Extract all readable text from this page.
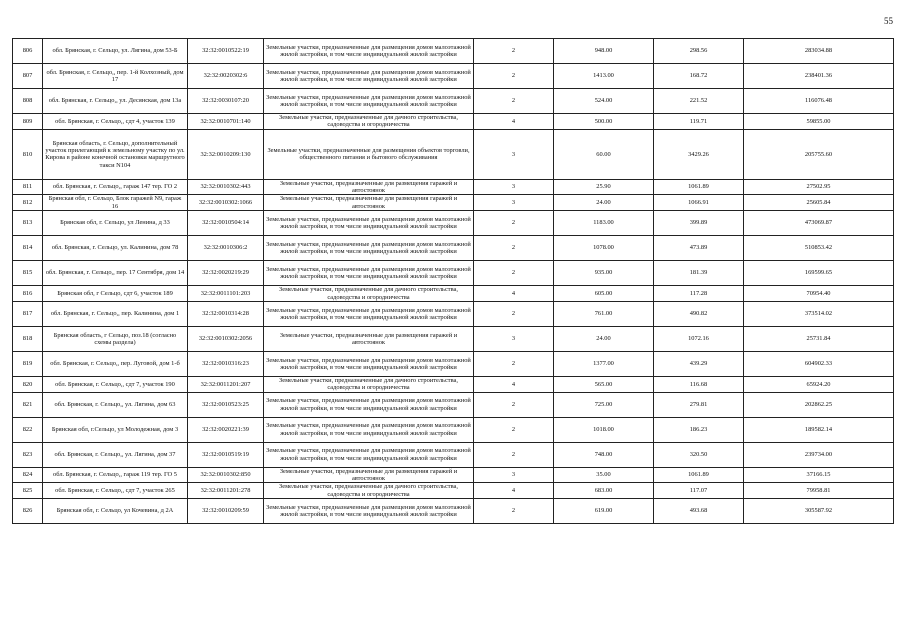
55
806	обл. Брянская, г. Сельцо, ул. Лягина, дом 53-Б	32:32:0010522:19	Земельные участки, предназначенные для размещения домов малоэтажной жилой застройки, в том числе индивидуальной жилой застройки	2	948.00	298.56	283034.88
807	обл. Брянская, г. Сельцо,, пер. 1-й Колхозный, дом 17	32:32:0020302:6	Земельные участки, предназначенные для размещения домов малоэтажной жилой застройки, в том числе индивидуальной жилой застройки	2	1413.00	168.72	238401.36
808	обл. Брянская, г. Сельцо,, ул. Десянская, дом 13а	32:32:0030107:20	Земельные участки, предназначенные для размещения домов малоэтажной жилой застройки, в том числе индивидуальной жилой застройки	2	524.00	221.52	116076.48
809	обл. Брянская, г. Сельцо,, сдт 4, участок 139	32:32:0010701:140	Земельные участки, предназначенные для дачного строительства, садоводства и огородничества	4	500.00	119.71	59855.00
810	Брянская область, г. Сельцо, дополнительный участок прилегающий к земельному участку по ул. Кирова в районе конечной остановки маршрутного такси N104	32:32:0010209:130	Земельные участки, предназначенные для размещения объектов торговли, общественного питания и бытового обслуживания	3	60.00	3429.26	205755.60
811	обл. Брянская, г. Сельцо,, гараж 147 тер. ГО 2	32:32:0010302:443	Земельные участки, предназначенные для размещения гаражей и автостоянок	3	25.90	1061.89	27502.95
812	Брянская обл, г. Сельцо, Блок гаражей N9, гараж 16	32:32:0010302:1066	Земельные участки, предназначенные для размещения гаражей и автостоянок	3	24.00	1066.91	25605.84
813	Брянская обл, г. Сельцо, ул Ленина, д 33	32:32:0010504:14	Земельные участки, предназначенные для размещения домов малоэтажной жилой застройки, в том числе индивидуальной жилой застройки	2	1183.00	399.89	473069.87
814	обл. Брянская, г. Сельцо, ул. Калинина, дом 78	32:32:0010306:2	Земельные участки, предназначенные для размещения домов малоэтажной жилой застройки, в том числе индивидуальной жилой застройки	2	1078.00	473.89	510853.42
815	обл. Брянская, г. Сельцо,, пер. 17 Сентября, дом 14	32:32:0020219:29	Земельные участки, предназначенные для размещения домов малоэтажной жилой застройки, в том числе индивидуальной жилой застройки	2	935.00	181.39	169599.65
816	Брянская обл, г Сельцо, сдт 6, участок 189	32:32:0011101:203	Земельные участки, предназначенные для дачного строительства, садоводства и огородничества	4	605.00	117.28	70954.40
817	обл. Брянская, г. Сельцо,, пер. Калинина, дом 1	32:32:0010314:28	Земельные участки, предназначенные для размещения домов малоэтажной жилой застройки, в том числе индивидуальной жилой застройки	2	761.00	490.82	373514.02
818	Брянская область, г Сельцо, поз.18 (согласно схемы раздела)	32:32:0010302:2056	Земельные участки, предназначенные для размещения гаражей и автостоянок	3	24.00	1072.16	25731.84
819	обл. Брянская, г. Сельцо,, пер. Луговой, дом 1-б	32:32:0010316:23	Земельные участки, предназначенные для размещения домов малоэтажной жилой застройки, в том числе индивидуальной жилой застройки	2	1377.00	439.29	604902.33
820	обл. Брянская, г. Сельцо,, сдт 7, участок 190	32:32:0011201:207	Земельные участки, предназначенные для дачного строительства, садоводства и огородничества	4	565.00	116.68	65924.20
821	обл. Брянская, г. Сельцо,, ул. Лягина, дом 63	32:32:0010523:25	Земельные участки, предназначенные для размещения домов малоэтажной жилой застройки, в том числе индивидуальной жилой застройки	2	725.00	279.81	202862.25
822	Брянская обл, г.Сельцо, ул Молодежная, дом 3	32:32:0020221:39	Земельные участки, предназначенные для размещения домов малоэтажной жилой застройки, в том числе индивидуальной жилой застройки	2	1018.00	186.23	189582.14
823	обл. Брянская, г. Сельцо,, ул. Лягина, дом 37	32:32:0010519:19	Земельные участки, предназначенные для размещения домов малоэтажной жилой застройки, в том числе индивидуальной жилой застройки	2	748.00	320.50	239734.00
824	обл. Брянская, г. Сельцо,, гараж 119 тер. ГО 5	32:32:0010302:850	Земельные участки, предназначенные для размещения гаражей и автостоянок	3	35.00	1061.89	37166.15
825	обл. Брянская, г. Сельцо,, сдт 7, участок 265	32:32:0011201:278	Земельные участки, предназначенные для дачного строительства, садоводства и огородничества	4	683.00	117.07	79958.81
826	Брянская обл, г. Сельцо, ул Кочевина, д 2А	32:32:0010209:59	Земельные участки, предназначенные для размещения домов малоэтажной жилой застройки, в том числе индивидуальной жилой застройки	2	619.00	493.68	305587.92
